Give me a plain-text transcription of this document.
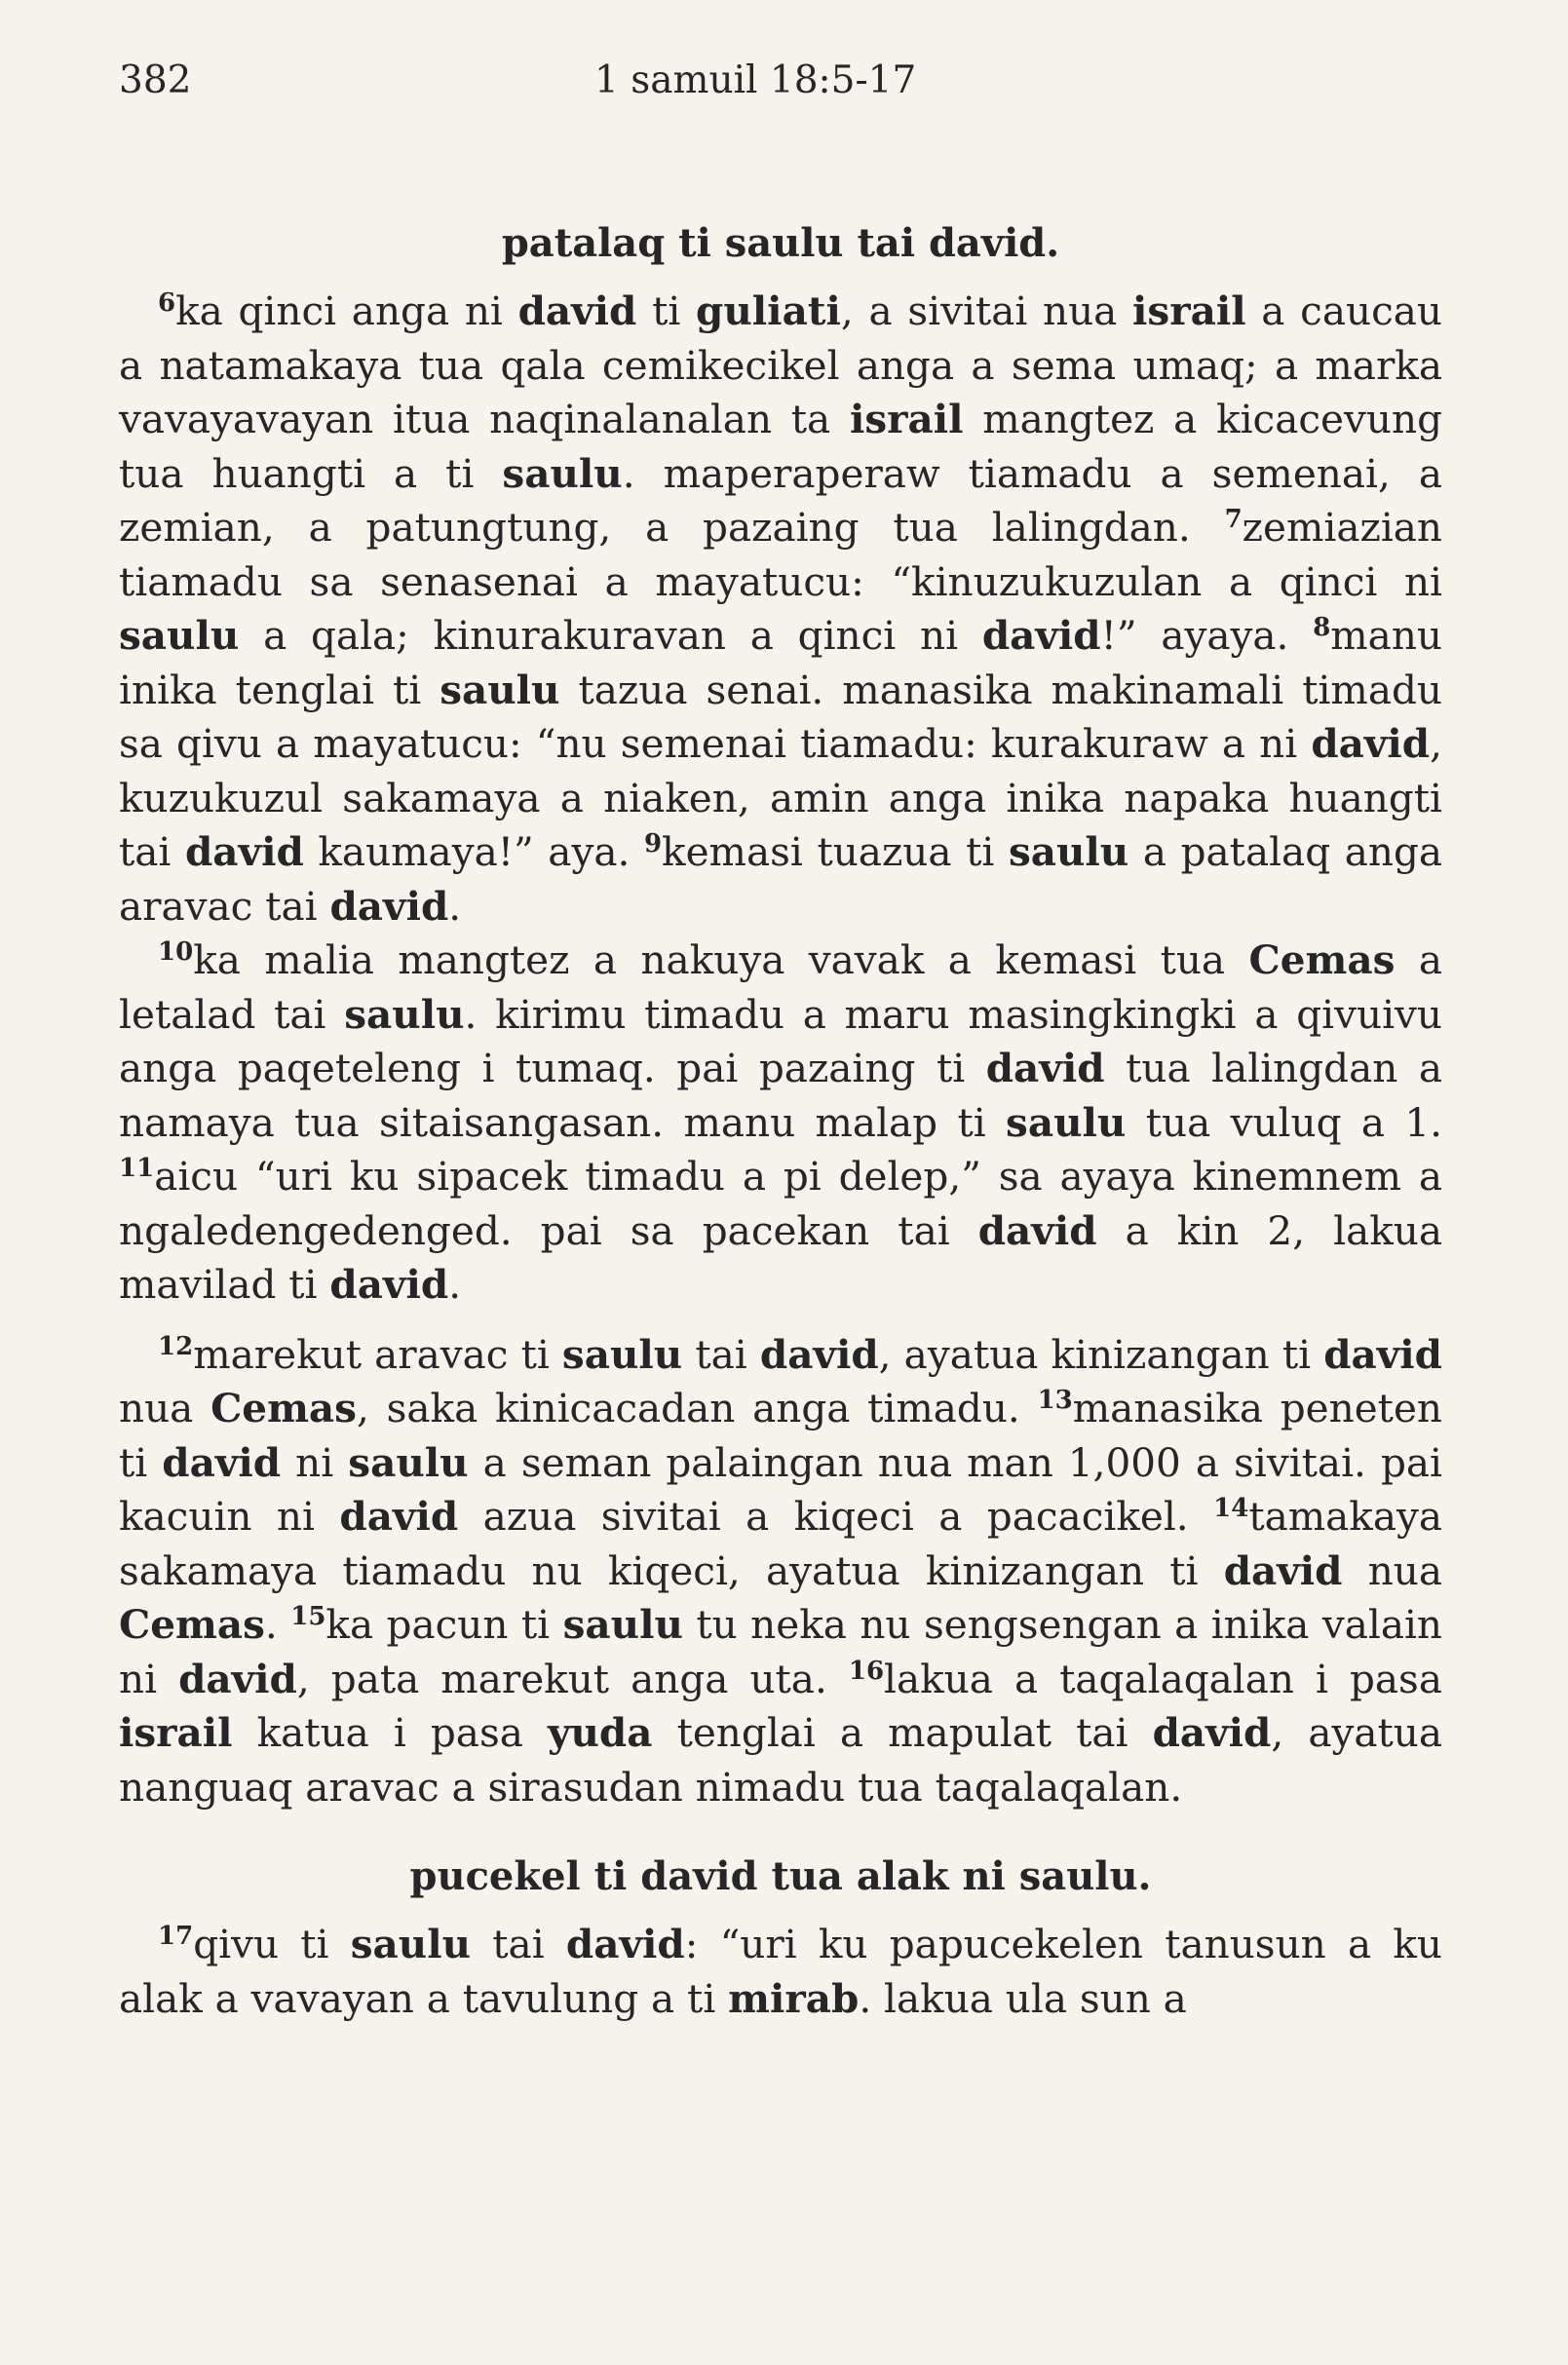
382	1 samuil 18:5-17
patalaq ti saulu tai david.

$^6$ka qinci anga ni david ti guliati, a sivitai nua israil a caucau a natamakaya tua qala cemikecikel anga a sema umaq; a marka vavayavayan itua naqinalanalan ta israil mangtez a kicacevung tua huangti a ti saulu. maperaperaw tiamadu a semenai, a zemian, a patungtung, a pazaing tua lalingdan. $^7$zemiazian tiamadu sa senasenai a mayatucu: “kinuzukuzulan a qinci ni saulu a qala; kinurakuravan a qinci ni david!” ayaya. $^8$manu inika tenglai ti saulu tazua senai. manasika makinamali timadu sa qivu a mayatucu: “nu semenai tiamadu: kurakuraw a ni david, kuzukuzul sakamaya a niaken, amin anga inika napaka huangti tai david kaumaya!” aya. $^9$kemasi tuazua ti saulu a patalaq anga aravac tai david.

$^{10}$ka malia mangtez a nakuya vavak a kemasi tua Cemas a letalad tai saulu. kirimu timadu a maru masingkingki a qivuivu anga paqeteleng i tumaq. pai pazaing ti david tua lalingdan a namaya tua sitaisangasan. manu malap ti saulu tua vuluq a 1. $^{11}$aicu “uri ku sipacek timadu a pi delep,” sa ayaya kinemnem a ngaledengedenged. pai sa pacekan tai david a kin 2, lakua mavilad ti david.

$^{12}$marekut aravac ti saulu tai david, ayatua kinizangan ti david nua Cemas, saka kinicacadan anga timadu. $^{13}$manasika peneten ti david ni saulu a seman palaingan nua man 1,000 a sivitai. pai kacuin ni david azua sivitai a kiqeci a pacacikel. $^{14}$tamakaya sakamaya tiamadu nu kiqeci, ayatua kinizangan ti david nua Cemas. $^{15}$ka pacun ti saulu tu neka nu sengsengan a inika valain ni david, pata marekut anga uta. $^{16}$lakua a taqalaqalan i pasa israil katua i pasa yuda tenglai a mapulat tai david, ayatua nanguaq aravac a sirasudan nimadu tua taqalaqalan.

pucekel ti david tua alak ni saulu.

$^{17}$qivu ti saulu tai david: “uri ku papucekelen tanusun a ku alak a vavayan a tavulung a ti mirab. lakua ula sun a
